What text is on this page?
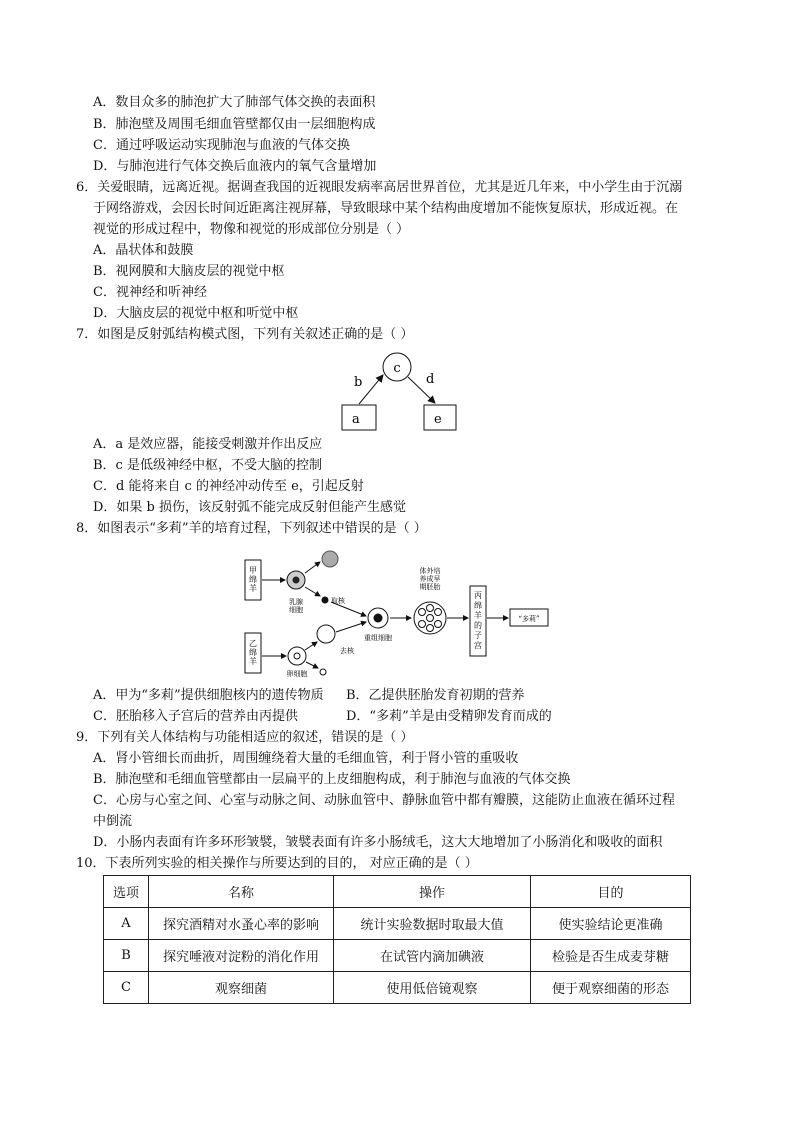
A．数目众多的肺泡扩大了肺部气体交换的表面积
B．肺泡壁及周围毛细血管壁都仅由一层细胞构成
C．通过呼吸运动实现肺泡与血液的气体交换
D．与肺泡进行气体交换后血液内的氧气含量增加
6．关爱眼睛，远离近视。据调查我国的近视眼发病率高居世界首位，尤其是近几年来，中小学生由于沉溺
于网络游戏，会因长时间近距离注视屏幕，导致眼球中某个结构曲度增加不能恢复原状，形成近视。在
视觉的形成过程中，物像和视觉的形成部位分别是（ ）
A．晶状体和鼓膜
B．视网膜和大脑皮层的视觉中枢
C．视神经和听神经
D．大脑皮层的视觉中枢和听觉中枢
7．如图是反射弧结构模式图，下列有关叙述正确的是（ ）
c
a	e
b	d
A．a 是效应器，能接受刺激并作出反应
B．c 是低级神经中枢，不受大脑的控制
C．d 能将来自 c 的神经冲动传至 e，引起反射
D．如果 b 损伤，该反射弧不能完成反射但能产生感觉
8．如图表示“多莉”羊的培育过程，下列叙述中错误的是（ ）
甲绵羊
乳腺细胞
取核
乙绵羊
卵细胞
去核
重组细胞
体外培养成早期胚胎
丙绵羊的子宫
“多莉”
A．甲为“多莉”提供细胞核内的遗传物质 B．乙提供胚胎发育初期的营养
C．胚胎移入子宫后的营养由丙提供	D．“多莉”羊是由受精卵发育而成的
9．下列有关人体结构与功能相适应的叙述，错误的是（ ）
A．肾小管细长而曲折，周围缠绕着大量的毛细血管，利于肾小管的重吸收
B．肺泡壁和毛细血管壁都由一层扁平的上皮细胞构成，利于肺泡与血液的气体交换
C．心房与心室之间、心室与动脉之间、动脉血管中、静脉血管中都有瓣膜，这能防止血液在循环过程
中倒流
D．小肠内表面有许多环形皱襞，皱襞表面有许多小肠绒毛，这大大地增加了小肠消化和吸收的面积
10．下表所列实验的相关操作与所要达到的目的， 对应正确的是（ ）
选项	名称	操作	目的
A	探究酒精对水蚤心率的影响	统计实验数据时取最大值	使实验结论更准确
B	探究唾液对淀粉的消化作用	在试管内滴加碘液	检验是否生成麦芽糖
C	观察细菌	使用低倍镜观察	便于观察细菌的形态
